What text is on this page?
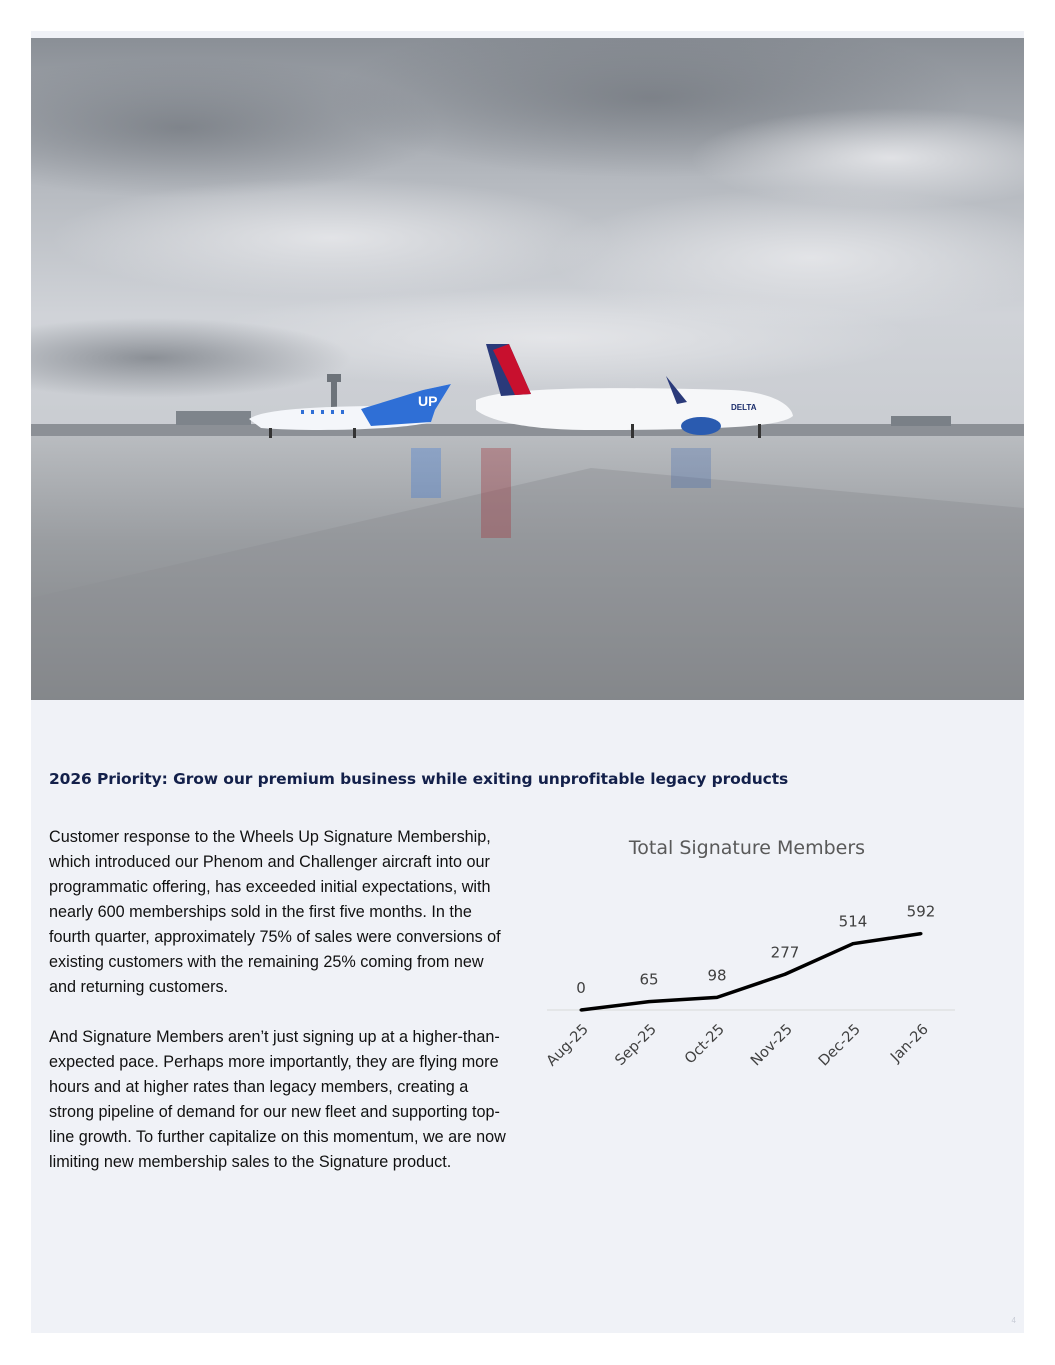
UP	DELTA
2026 Priority: Grow our premium business while exiting unprofitable legacy products

Customer response to the Wheels Up Signature Membership, which introduced our Phenom and Challenger aircraft into our programmatic offering, has exceeded initial expectations, with nearly 600 memberships sold in the first five months. In the fourth quarter, approximately 75% of sales were conversions of existing customers with the remaining 25% coming from new and returning customers.

And Signature Members aren’t just signing up at a higher-than-expected pace. Perhaps more importantly, they are flying more hours and at higher rates than legacy members, creating a strong pipeline of demand for our new fleet and supporting top-line growth. To further capitalize on this momentum, we are now limiting new membership sales to the Signature product.

Total Signature Members
0
Aug-25
65
Sep-25
98
Oct-25
277
Nov-25
514
Dec-25
592
Jan-26
4
